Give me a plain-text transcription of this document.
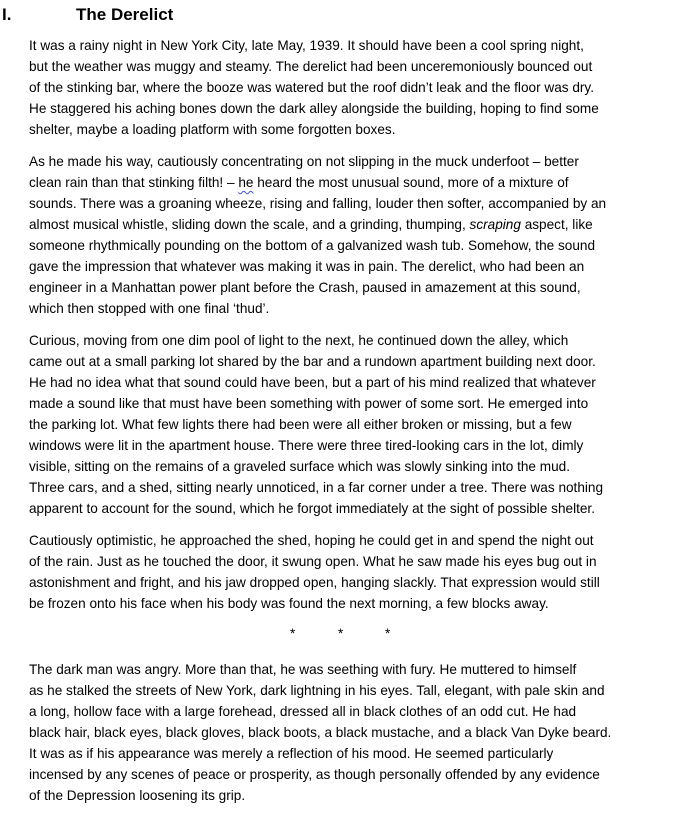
I.	The Derelict

It was a rainy night in New York City, late May, 1939. It should have been a cool spring night,
but the weather was muggy and steamy. The derelict had been unceremoniously bounced out
of the stinking bar, where the booze was watered but the roof didn’t leak and the floor was dry.
He staggered his aching bones down the dark alley alongside the building, hoping to find some
shelter, maybe a loading platform with some forgotten boxes.

As he made his way, cautiously concentrating on not slipping in the muck underfoot – better
clean rain than that stinking filth! – he heard the most unusual sound, more of a mixture of
sounds. There was a groaning wheeze, rising and falling, louder then softer, accompanied by an
almost musical whistle, sliding down the scale, and a grinding, thumping, scraping aspect, like
someone rhythmically pounding on the bottom of a galvanized wash tub. Somehow, the sound
gave the impression that whatever was making it was in pain. The derelict, who had been an
engineer in a Manhattan power plant before the Crash, paused in amazement at this sound,
which then stopped with one final ‘thud’.

Curious, moving from one dim pool of light to the next, he continued down the alley, which
came out at a small parking lot shared by the bar and a rundown apartment building next door.
He had no idea what that sound could have been, but a part of his mind realized that whatever
made a sound like that must have been something with power of some sort. He emerged into
the parking lot. What few lights there had been were all either broken or missing, but a few
windows were lit in the apartment house. There were three tired-looking cars in the lot, dimly
visible, sitting on the remains of a graveled surface which was slowly sinking into the mud.
Three cars, and a shed, sitting nearly unnoticed, in a far corner under a tree. There was nothing
apparent to account for the sound, which he forgot immediately at the sight of possible shelter.

Cautiously optimistic, he approached the shed, hoping he could get in and spend the night out
of the rain. Just as he touched the door, it swung open. What he saw made his eyes bug out in
astonishment and fright, and his jaw dropped open, hanging slackly. That expression would still
be frozen onto his face when his body was found the next morning, a few blocks away.

*	*	*

The dark man was angry. More than that, he was seething with fury. He muttered to himself
as he stalked the streets of New York, dark lightning in his eyes. Tall, elegant, with pale skin and
a long, hollow face with a large forehead, dressed all in black clothes of an odd cut. He had
black hair, black eyes, black gloves, black boots, a black mustache, and a black Van Dyke beard.
It was as if his appearance was merely a reflection of his mood. He seemed particularly
incensed by any scenes of peace or prosperity, as though personally offended by any evidence
of the Depression loosening its grip.
